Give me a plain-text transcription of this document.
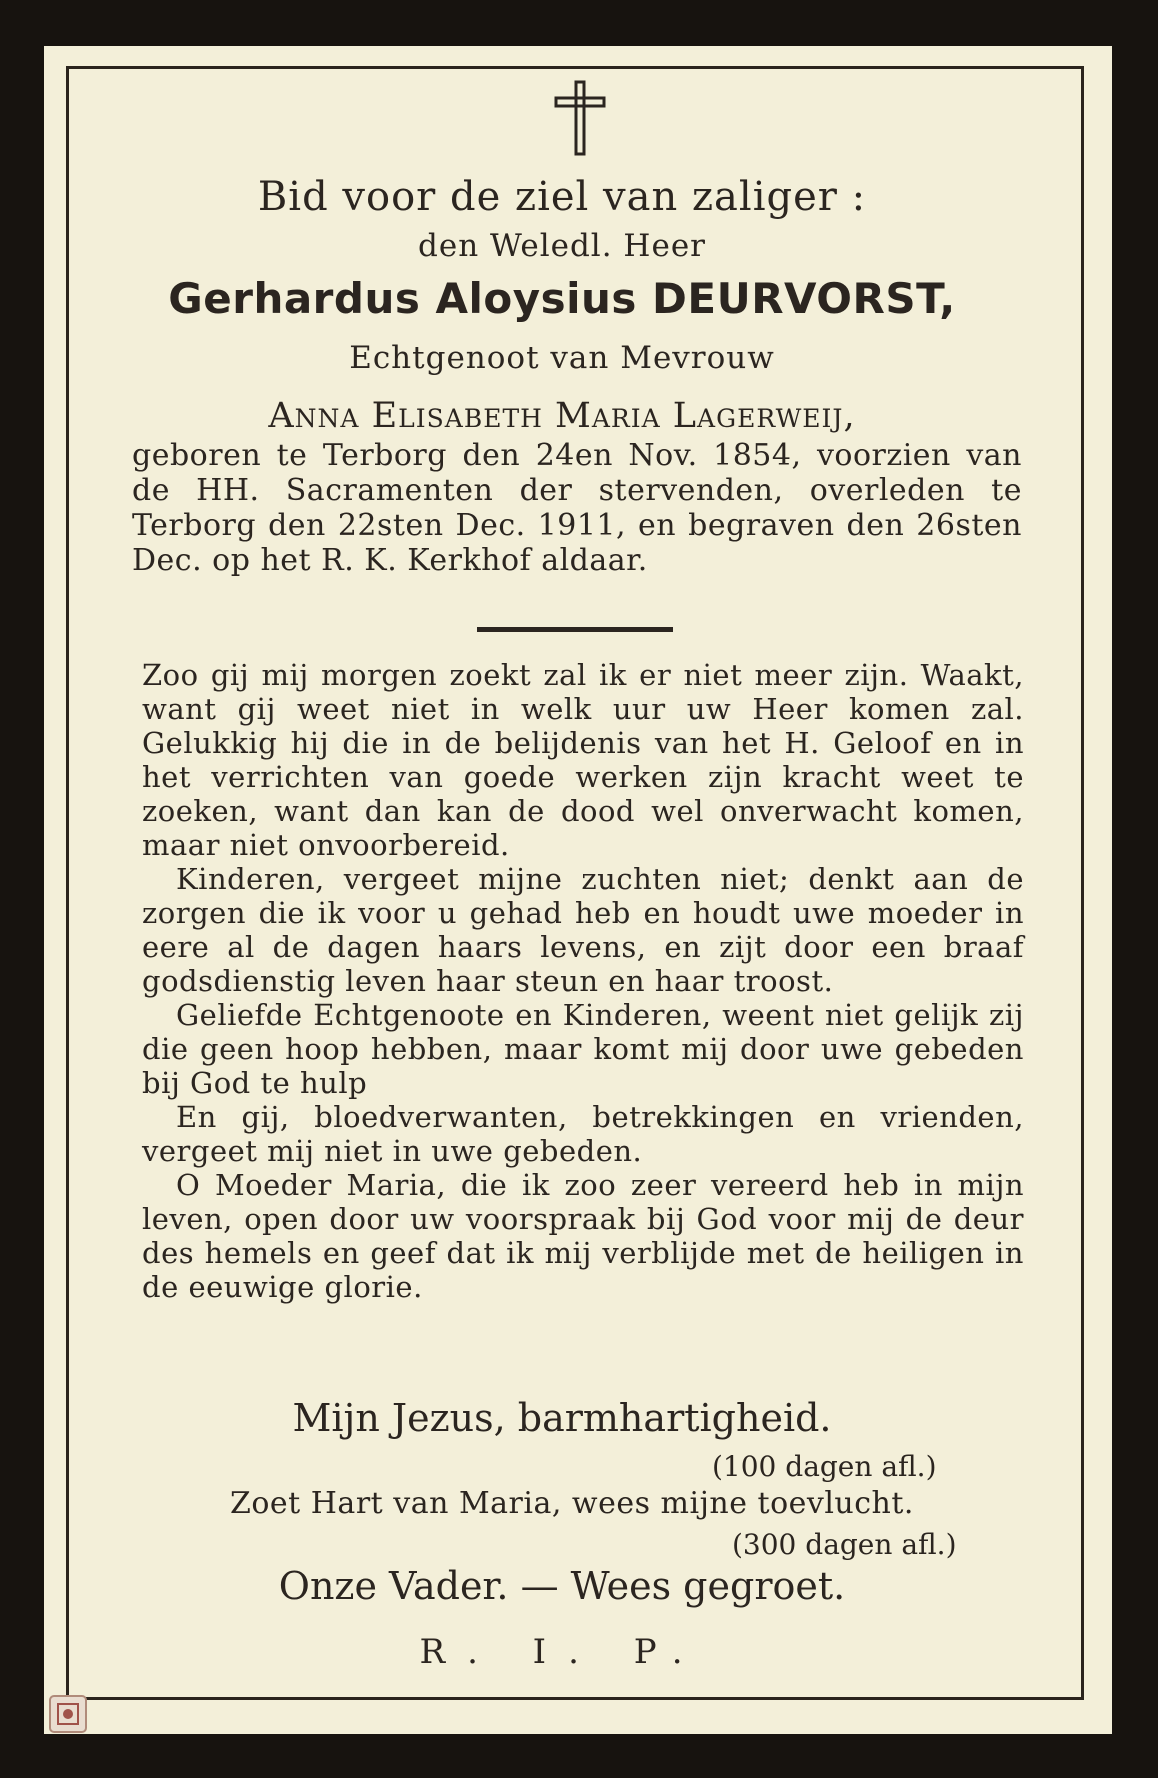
Bid voor de ziel van zaliger :
den Weledl. Heer
Gerhardus Aloysius DEURVORST,
Echtgenoot van Mevrouw
Anna Elisabeth Maria Lagerweij,
geboren te Terborg den 24en Nov. 1854, voorzien van de HH. Sacramenten der stervenden, overleden te Terborg den 22sten Dec. 1911, en begraven den 26sten Dec. op het R. K. Kerkhof aldaar.

Zoo gij mij morgen zoekt zal ik er niet meer zijn. Waakt, want gij weet niet in welk uur uw Heer komen zal. Gelukkig hij die in de belijdenis van het H. Geloof en in het verrichten van goede werken zijn kracht weet te zoeken, want dan kan de dood wel onverwacht komen, maar niet onvoorbereid.

Kinderen, vergeet mijne zuchten niet; denkt aan de zorgen die ik voor u gehad heb en houdt uwe moeder in eere al de dagen haars levens, en zijt door een braaf godsdienstig leven haar steun en haar troost.

Geliefde Echtgenoote en Kinderen, weent niet gelijk zij die geen hoop hebben, maar komt mij door uwe gebeden bij God te hulp

En gij, bloedverwanten, betrekkingen en vrienden, vergeet mij niet in uwe gebeden.

O Moeder Maria, die ik zoo zeer vereerd heb in mijn leven, open door uw voorspraak bij God voor mij de deur des hemels en geef dat ik mij verblijde met de heiligen in de eeuwige glorie.

Mijn Jezus, barmhartigheid.
(100 dagen afl.)
Zoet Hart van Maria, wees mijne toevlucht.
(300 dagen afl.)
Onze Vader. — Wees gegroet.
R. I. P.
